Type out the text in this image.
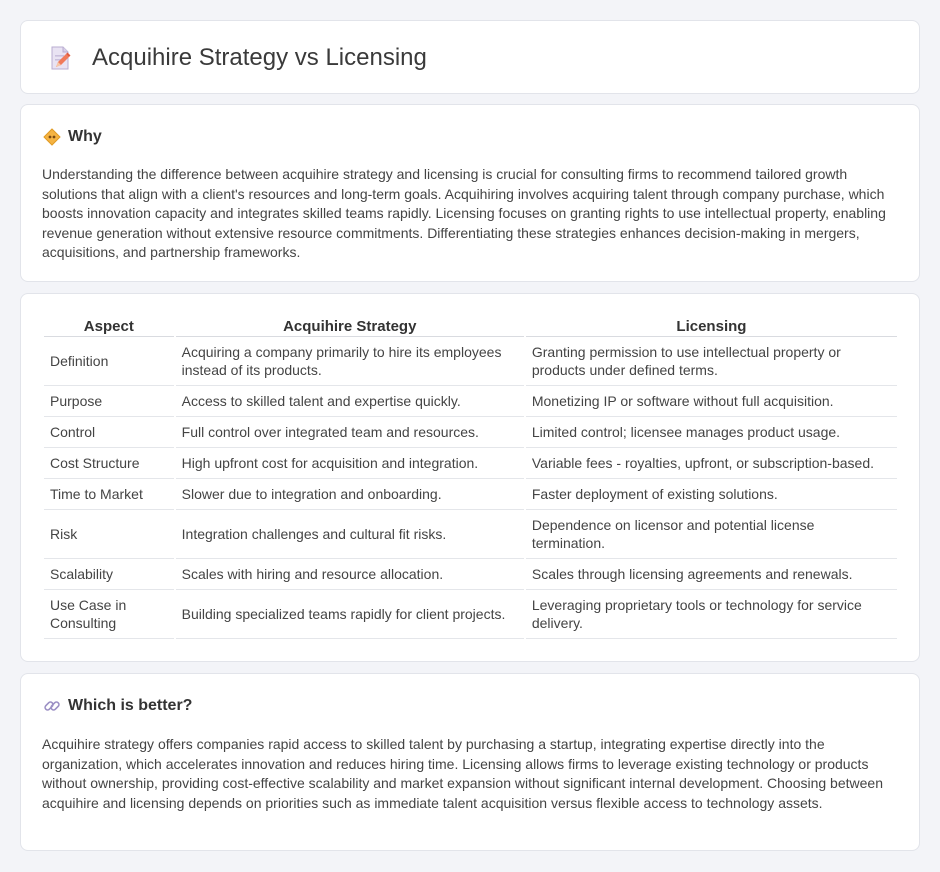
Acquihire Strategy vs Licensing
Why

Understanding the difference between acquihire strategy and licensing is crucial for consulting firms to recommend tailored growth solutions that align with a client's resources and long-term goals. Acquihiring involves acquiring talent through company purchase, which boosts innovation capacity and integrates skilled teams rapidly. Licensing focuses on granting rights to use intellectual property, enabling revenue generation without extensive resource commitments. Differentiating these strategies enhances decision-making in mergers, acquisitions, and partnership frameworks.

Aspect	Acquihire Strategy	Licensing
Definition	Acquiring a company primarily to hire its employees instead of its products.	Granting permission to use intellectual property or products under defined terms.
Purpose	Access to skilled talent and expertise quickly.	Monetizing IP or software without full acquisition.
Control	Full control over integrated team and resources.	Limited control; licensee manages product usage.
Cost Structure	High upfront cost for acquisition and integration.	Variable fees - royalties, upfront, or subscription-based.
Time to Market	Slower due to integration and onboarding.	Faster deployment of existing solutions.
Risk	Integration challenges and cultural fit risks.	Dependence on licensor and potential license termination.
Scalability	Scales with hiring and resource allocation.	Scales through licensing agreements and renewals.
Use Case in Consulting	Building specialized teams rapidly for client projects.	Leveraging proprietary tools or technology for service delivery.
Which is better?

Acquihire strategy offers companies rapid access to skilled talent by purchasing a startup, integrating expertise directly into the organization, which accelerates innovation and reduces hiring time. Licensing allows firms to leverage existing technology or products without ownership, providing cost-effective scalability and market expansion without significant internal development. Choosing between acquihire and licensing depends on priorities such as immediate talent acquisition versus flexible access to technology assets.
